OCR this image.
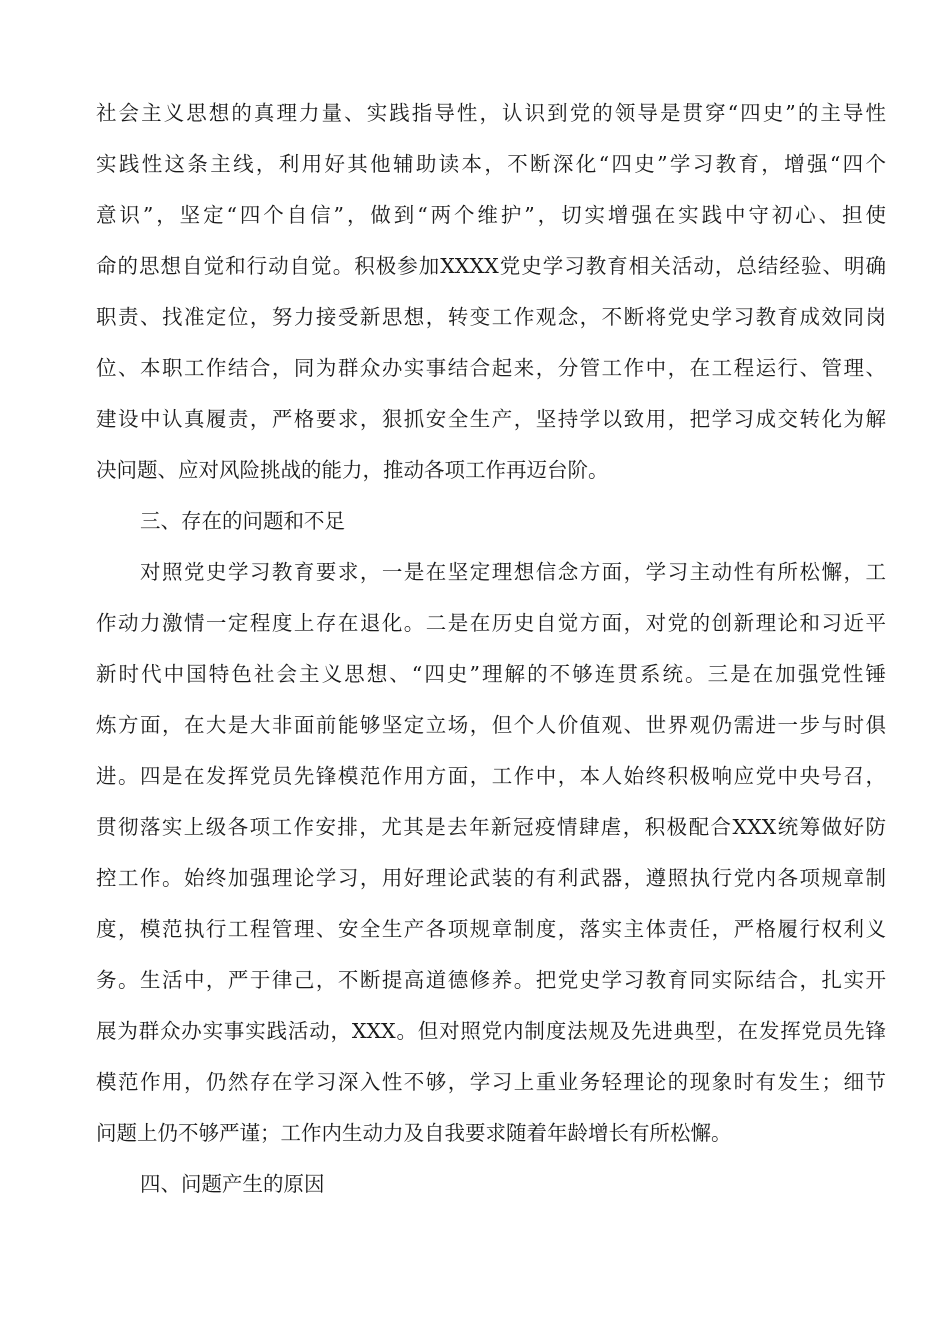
社会主义思想的真理力量、实践指导性，认识到党的领导是贯穿“四史”的主导性
实践性这条主线，利用好其他辅助读本，不断深化“四史”学习教育，增强“四个
意识”，坚定“四个自信”，做到“两个维护”，切实增强在实践中守初心、担使
命的思想自觉和行动自觉。积极参加XXXX党史学习教育相关活动，总结经验、明确
职责、找准定位，努力接受新思想，转变工作观念，不断将党史学习教育成效同岗
位、本职工作结合，同为群众办实事结合起来，分管工作中，在工程运行、管理、
建设中认真履责，严格要求，狠抓安全生产，坚持学以致用，把学习成交转化为解
决问题、应对风险挑战的能力，推动各项工作再迈台阶。
三、存在的问题和不足
对照党史学习教育要求，一是在坚定理想信念方面，学习主动性有所松懈，工
作动力激情一定程度上存在退化。二是在历史自觉方面，对党的创新理论和习近平
新时代中国特色社会主义思想、“四史”理解的不够连贯系统。三是在加强党性锤
炼方面，在大是大非面前能够坚定立场，但个人价值观、世界观仍需进一步与时俱
进。四是在发挥党员先锋模范作用方面，工作中，本人始终积极响应党中央号召，
贯彻落实上级各项工作安排，尤其是去年新冠疫情肆虐，积极配合XXX统筹做好防
控工作。始终加强理论学习，用好理论武装的有利武器，遵照执行党内各项规章制
度，模范执行工程管理、安全生产各项规章制度，落实主体责任，严格履行权利义
务。生活中，严于律己，不断提高道德修养。把党史学习教育同实际结合，扎实开
展为群众办实事实践活动，XXX。但对照党内制度法规及先进典型，在发挥党员先锋
模范作用，仍然存在学习深入性不够，学习上重业务轻理论的现象时有发生；细节
问题上仍不够严谨；工作内生动力及自我要求随着年龄增长有所松懈。
四、问题产生的原因
